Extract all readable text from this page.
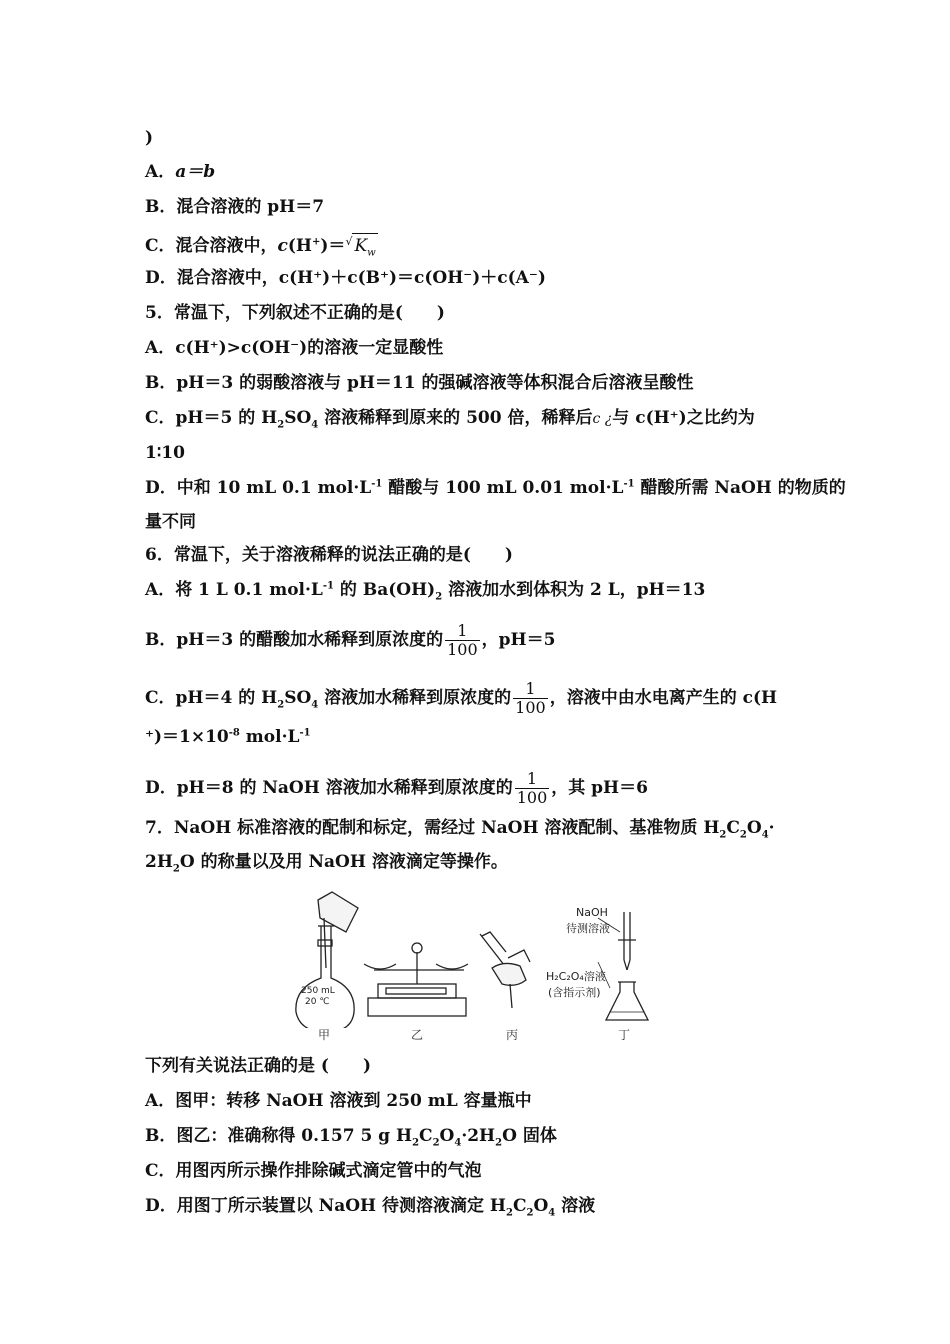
)
A．a＝b
B．混合溶液的 pH＝7
C．混合溶液中，c(H+)＝√ $K_w$
D．混合溶液中，c(H⁺)＋c(B⁺)＝c(OH⁻)＋c(A⁻)
5．常温下，下列叙述不正确的是(　　)
A．c(H⁺)>c(OH⁻)的溶液一定显酸性
B．pH＝3 的弱酸溶液与 pH＝11 的强碱溶液等体积混合后溶液呈酸性
C．pH＝5 的 $H_2SO_4$ 溶液稀释到原来的 500 倍，稀释后c ¿与 c(H⁺)之比约为
1∶10
D．中和 10 mL 0.1 $mol\cdot L^{-1}$ 醋酸与 100 mL 0.01 $mol\cdot L^{-1}$ 醋酸所需 NaOH 的物质的
量不同
6．常温下，关于溶液稀释的说法正确的是(　　)
A．将 1 L 0.1 $mol\cdot L^{-1}$ 的 $Ba(OH)_2$ 溶液加水到体积为 2 L，pH＝13
B．pH＝3 的醋酸加水稀释到原浓度的 $\frac{1}{100}$ ，pH＝5
C．pH＝4 的 $H_2SO_4$ 溶液加水稀释到原浓度的 $\frac{1}{100}$ ，溶液中由水电离产生的 c(H
$^+)=1\times 10^{-8}$ $mol\cdot L^{-1}$
D．pH＝8 的 NaOH 溶液加水稀释到原浓度的 $\frac{1}{100}$ ，其 pH＝6
7．NaOH 标准溶液的配制和标定，需经过 NaOH 溶液配制、基准物质 $H_2C_2O_4\cdot$
$2H_2O$ 的称量以及用 NaOH 溶液滴定等操作。
250 mL
20 ℃
NaOH
待测溶液
H₂C₂O₄溶液
(含指示剂)
甲	乙	丙	丁
下列有关说法正确的是 (　　)
A．图甲：转移 NaOH 溶液到 250 mL 容量瓶中
B．图乙：准确称得 0.157 5 g $H_2C_2O_4\cdot 2H_2O$ 固体
C．用图丙所示操作排除碱式滴定管中的气泡
D．用图丁所示装置以 NaOH 待测溶液滴定 $H_2C_2O_4$ 溶液
